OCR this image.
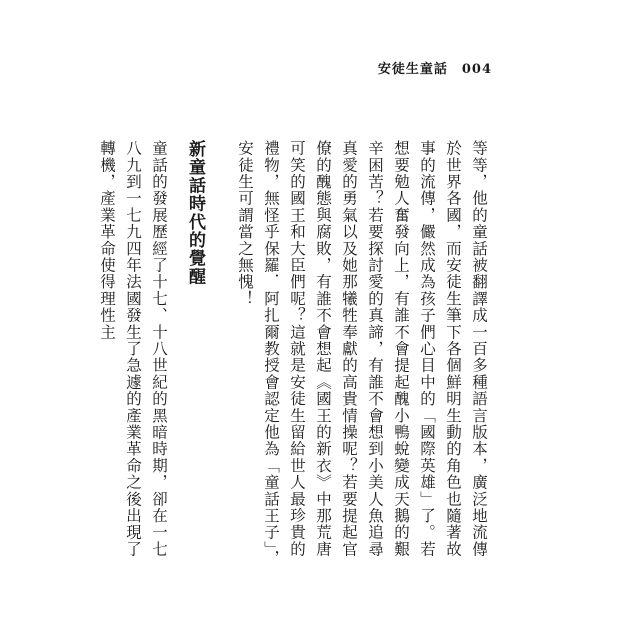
安徒生童話 004

等等，他的童話被翻譯成一百多種語言版本，廣泛地流傳於世界各國，而安徒生筆下各個鮮明生動的角色也隨著故事的流傳，儼然成為孩子們心目中的「國際英雄」了。若想要勉人奮發向上，有誰不會提起醜小鴨蛻變成天鵝的艱辛困苦？若要探討愛的真諦，有誰不會想到小美人魚追尋真愛的勇氣以及她那犧牲奉獻的高貴情操呢？若要提起官僚的醜態與腐敗，有誰不會想起《國王的新衣》中那荒唐可笑的國王和大臣們呢？這就是安徒生留給世人最珍貴的禮物，無怪乎保羅．阿扎爾教授會認定他為「童話王子」，安徒生可謂當之無愧！

新童話時代的覺醒

童話的發展歷經了十七、十八世紀的黑暗時期，卻在一七八九到一七九四年法國發生了急遽的產業革命之後出現了轉機，產業革命使得理性主
